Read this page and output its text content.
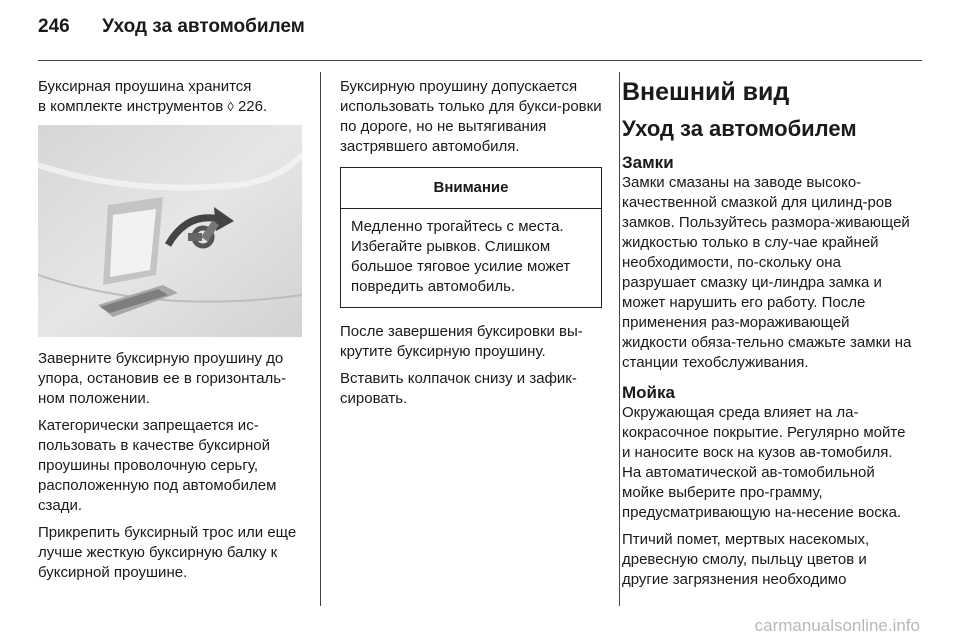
246 Уход за автомобилем

Буксирная проушина хранится
в комплекте инструментов ◊ 226.

Заверните буксирную проушину до упора, остановив ее в горизонталь-ном положении.

Категорически запрещается ис-пользовать в качестве буксирной проушины проволочную серьгу, расположенную под автомобилем сзади.

Прикрепить буксирный трос или еще лучше жесткую буксирную балку к буксирной проушине.

Буксирную проушину допускается использовать только для букси-ровки по дороге, но не вытягивания застрявшего автомобиля.

Внимание
Медленно трогайтесь с места. Избегайте рывков. Слишком большое тяговое усилие может повредить автомобиль.

После завершения буксировки вы-крутите буксирную проушину.

Вставить колпачок снизу и зафик-сировать.

Внешний вид
Уход за автомобилем
Замки

Замки смазаны на заводе высоко-качественной смазкой для цилинд-ров замков. Пользуйтесь размора-живающей жидкостью только в слу-чае крайней необходимости, по-скольку она разрушает смазку ци-линдра замка и может нарушить его работу. После применения раз-мораживающей жидкости обяза-тельно смажьте замки на станции техобслуживания.

Мойка

Окружающая среда влияет на ла-кокрасочное покрытие. Регулярно мойте и наносите воск на кузов ав-томобиля. На автоматической ав-томобильной мойке выберите про-грамму, предусматривающую на-несение воска.

Птичий помет, мертвых насекомых, древесную смолу, пыльцу цветов и другие загрязнения необходимо

carmanualsonline.info
